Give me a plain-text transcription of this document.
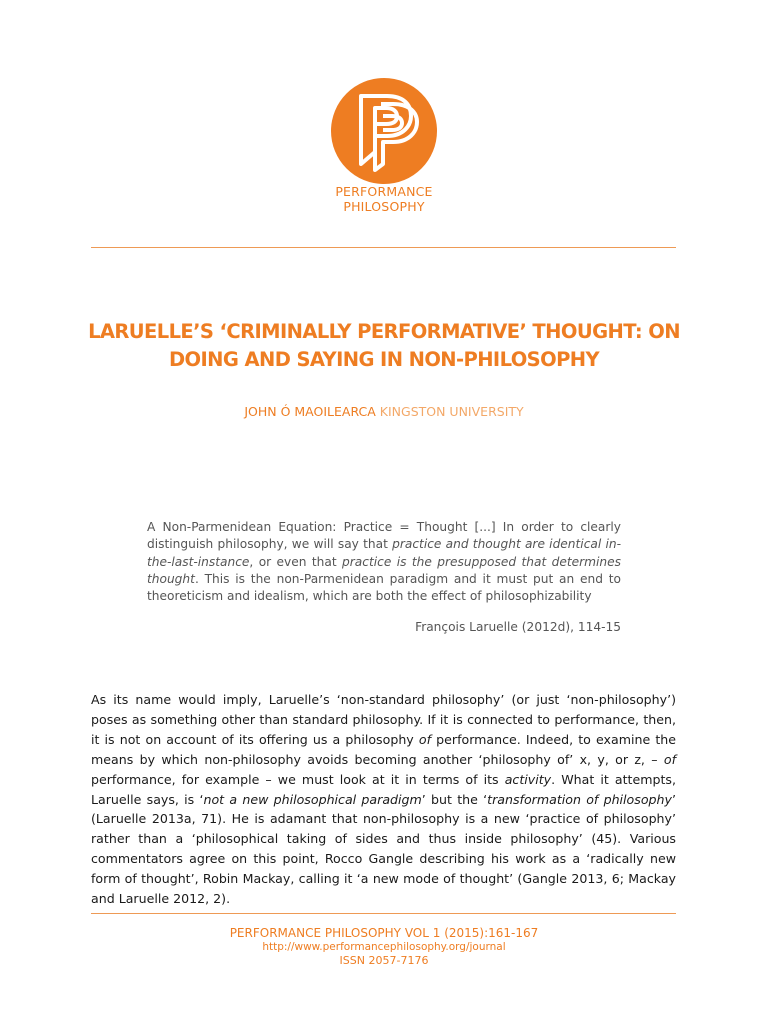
PERFORMANCE
PHILOSOPHY
LARUELLE’S ‘CRIMINALLY PERFORMATIVE’ THOUGHT: ON
DOING AND SAYING IN NON-PHILOSOPHY
JOHN Ó MAOILEARCA KINGSTON UNIVERSITY
A Non-Parmenidean Equation: Practice = Thought [...] In order to clearly distinguish philosophy, we will say that practice and thought are identical in-the-last-instance, or even that practice is the presupposed that determines thought. This is the non-Parmenidean paradigm and it must put an end to theoreticism and idealism, which are both the effect of philosophizability
François Laruelle (2012d), 114-15
As its name would imply, Laruelle’s ‘non-standard philosophy’ (or just ‘non-philosophy’) poses as something other than standard philosophy. If it is connected to performance, then, it is not on account of its offering us a philosophy of performance. Indeed, to examine the means by which non-philosophy avoids becoming another ‘philosophy of’ x, y, or z, – of performance, for example – we must look at it in terms of its activity. What it attempts, Laruelle says, is ‘not a new philosophical paradigm’ but the ‘transformation of philosophy’ (Laruelle 2013a, 71). He is adamant that non-philosophy is a new ‘practice of philosophy’ rather than a ‘philosophical taking of sides and thus inside philosophy’ (45). Various commentators agree on this point, Rocco Gangle describing his work as a ‘radically new form of thought’, Robin Mackay, calling it ‘a new mode of thought’ (Gangle 2013, 6; Mackay and Laruelle 2012, 2).
PERFORMANCE PHILOSOPHY VOL 1 (2015):161-167
http://www.performancephilosophy.org/journal
ISSN 2057-7176
